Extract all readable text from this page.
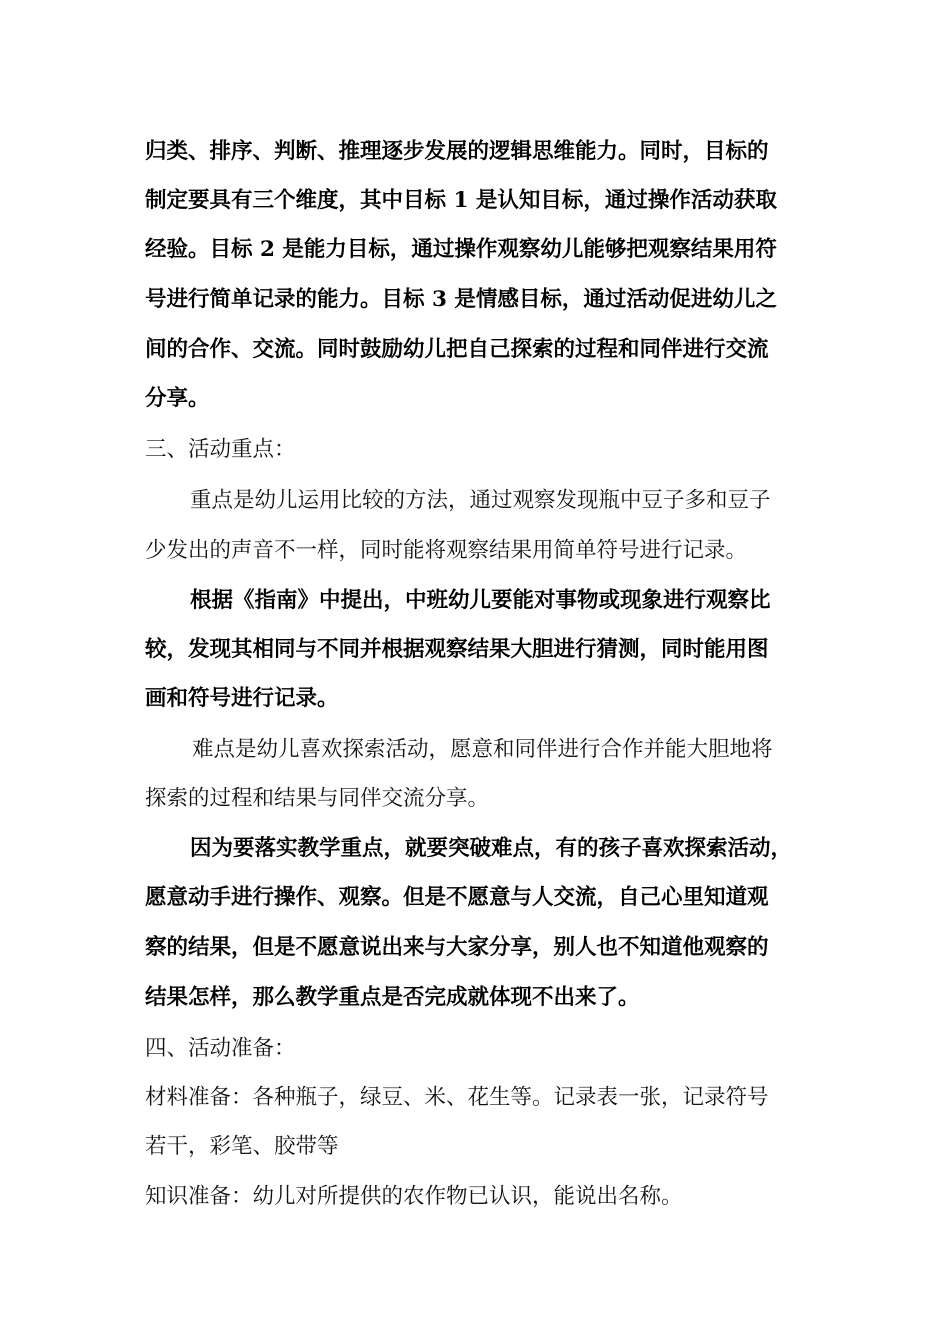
归类、排序、判断、推理逐步发展的逻辑思维能力。同时，目标的
制定要具有三个维度，其中目标 1 是认知目标，通过操作活动获取
经验。目标 2 是能力目标，通过操作观察幼儿能够把观察结果用符
号进行简单记录的能力。目标 3 是情感目标，通过活动促进幼儿之
间的合作、交流。同时鼓励幼儿把自己探索的过程和同伴进行交流
分享。
三、活动重点：
重点是幼儿运用比较的方法，通过观察发现瓶中豆子多和豆子
少发出的声音不一样，同时能将观察结果用简单符号进行记录。
根据《指南》中提出，中班幼儿要能对事物或现象进行观察比
较，发现其相同与不同并根据观察结果大胆进行猜测，同时能用图
画和符号进行记录。
难点是幼儿喜欢探索活动，愿意和同伴进行合作并能大胆地将
探索的过程和结果与同伴交流分享。
因为要落实教学重点，就要突破难点，有的孩子喜欢探索活动，
愿意动手进行操作、观察。但是不愿意与人交流，自己心里知道观
察的结果，但是不愿意说出来与大家分享，别人也不知道他观察的
结果怎样，那么教学重点是否完成就体现不出来了。
四、活动准备：
材料准备：各种瓶子，绿豆、米、花生等。记录表一张，记录符号
若干，彩笔、胶带等
知识准备：幼儿对所提供的农作物已认识，能说出名称。
